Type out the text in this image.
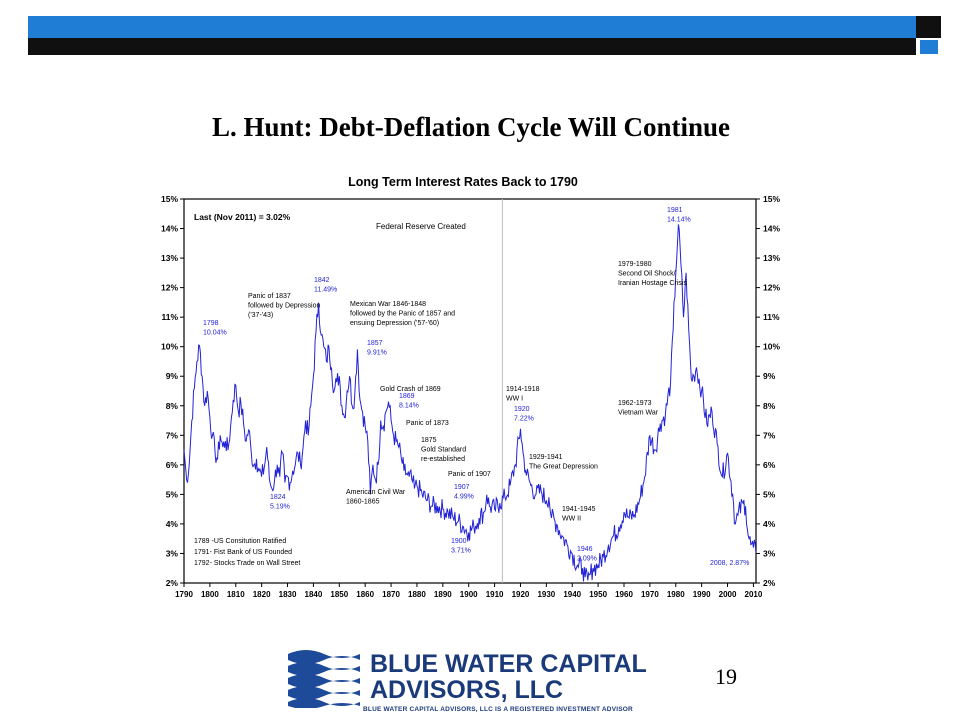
L. Hunt: Debt-Deflation Cycle Will Continue
Long Term Interest Rates Back to 1790
2%	2%
3%	3%
4%	4%
5%	5%
6%	6%
7%	7%
8%	8%
9%	9%
10%	10%
11%	11%
12%	12%
13%	13%
14%	14%
15%	15%
1790 1800 1810 1820 1830 1840 1850 1860 1870 1880 1890 1900 1910 1920 1930 1940 1950 1960 1970 1980 1990 2000 2010
Last (Nov 2011) = 3.02%
Federal Reserve Created
1798
10.04%
1824
5.19%
Panic of 1837
followed by Depression
('37-'43)
1842
11.49%
Mexican War 1846-1848
followed by the Panic of 1857 and
ensuing Depression ('57-'60)
1857
9.91%
Gold Crash of 1869
1869
8.14%
Panic of 1873
1875
Gold Standard
re-established
Panic of 1907
1907
4.99%
American Civil War
1860-1865
1900
3.71%
1914-1918
WW I
1920
7.22%
1929-1941
The Great Depression
1941-1945
WW II
1946
2.09%
1962-1973
Vietnam War
1979-1980
Second Oil Shock/
Iranian Hostage Crisis
1981
14.14%
2008, 2.87%
1789 -US Consitution Ratified
1791- Fist Bank of US Founded
1792- Stocks Trade on Wall Street
19
BLUE WATER CAPITAL
ADVISORS, LLC
BLUE WATER CAPITAL ADVISORS, LLC IS A REGISTERED INVESTMENT ADVISOR
